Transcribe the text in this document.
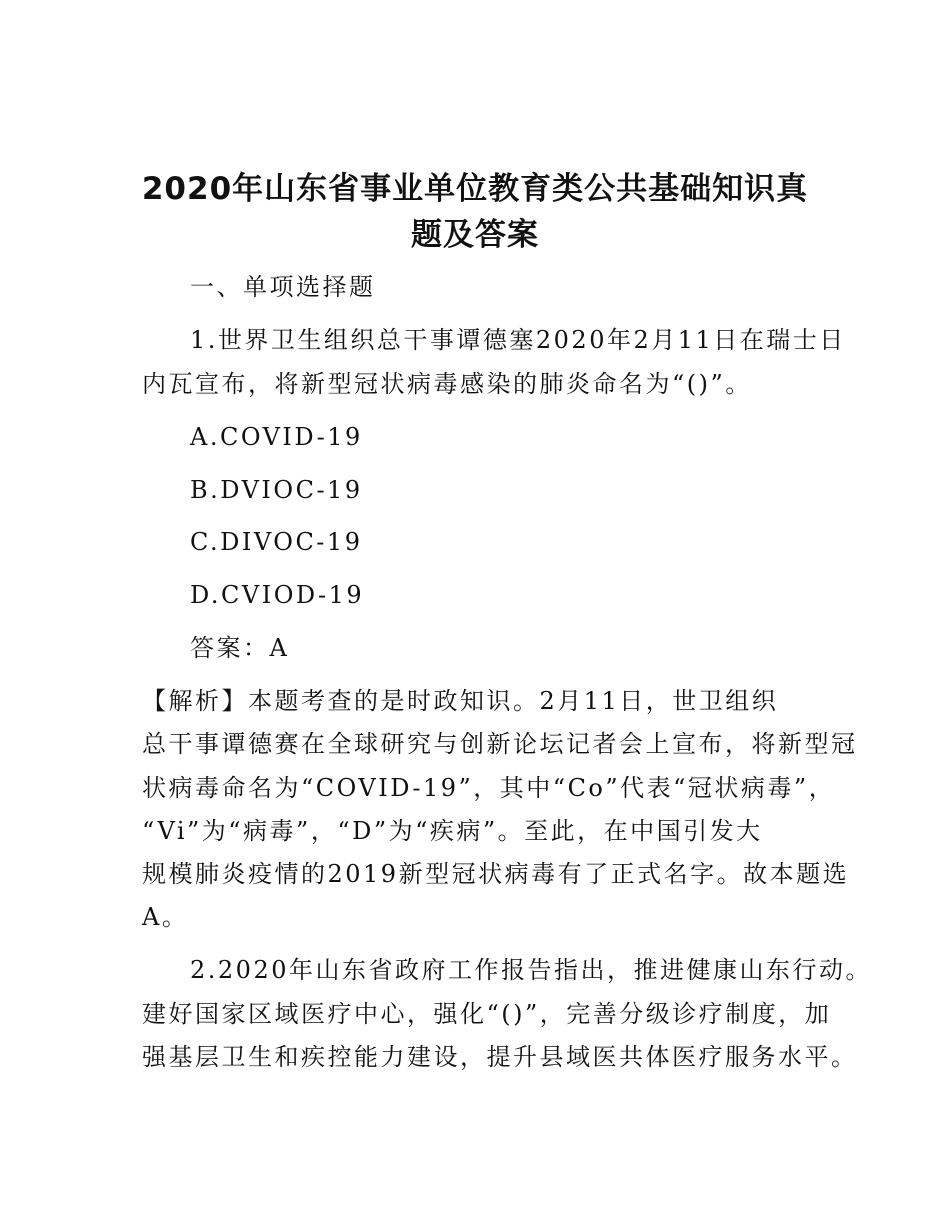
2020年山东省事业单位教育类公共基础知识真
题及答案
一、单项选择题
1.世界卫生组织总干事谭德塞2020年2月11日在瑞士日
内瓦宣布，将新型冠状病毒感染的肺炎命名为“()”。
A.COVID-19
B.DVIOC-19
C.DIVOC-19
D.CVIOD-19
答案：A
【解析】本题考查的是时政知识。2月11日，世卫组织
总干事谭德赛在全球研究与创新论坛记者会上宣布，将新型冠
状病毒命名为“COVID-19”，其中“Co”代表“冠状病毒”，
“Vi”为“病毒”，“D”为“疾病”。至此，在中国引发大
规模肺炎疫情的2019新型冠状病毒有了正式名字。故本题选
A。
2.2020年山东省政府工作报告指出，推进健康山东行动。
建好国家区域医疗中心，强化“()”，完善分级诊疗制度，加
强基层卫生和疾控能力建设，提升县域医共体医疗服务水平。
